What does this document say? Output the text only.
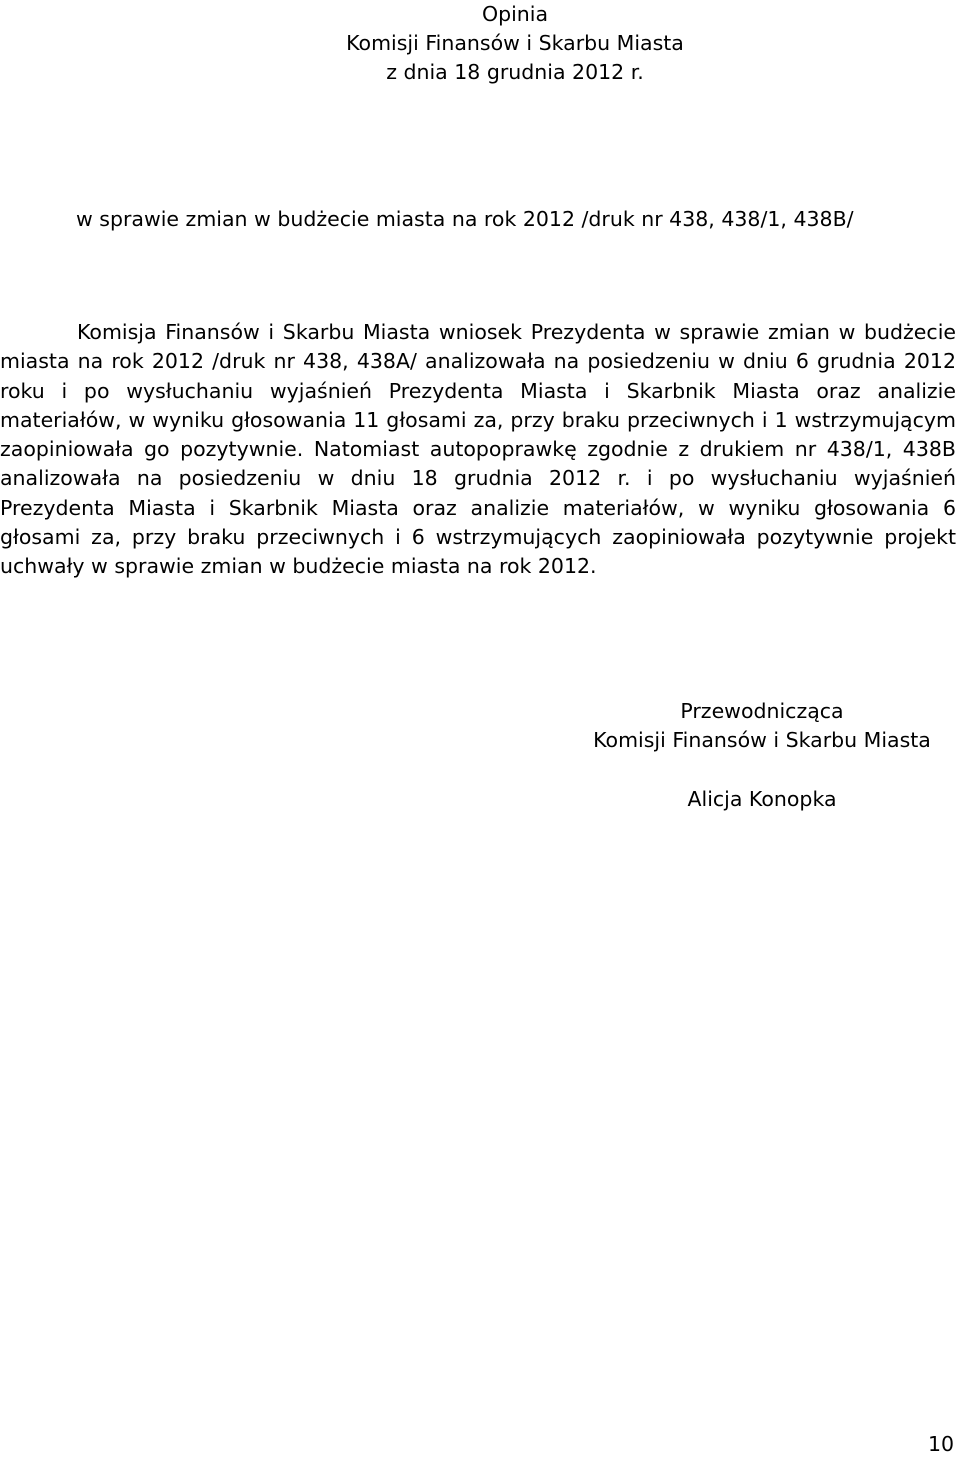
Opinia
Komisji Finansów i Skarbu Miasta
z dnia 18 grudnia 2012 r.
w sprawie zmian w budżecie miasta na rok 2012 /druk nr 438, 438/1, 438B/

Komisja Finansów i Skarbu Miasta wniosek Prezydenta w sprawie zmian w budżecie miasta na rok 2012 /druk nr 438, 438A/ analizowała na posiedzeniu w dniu 6 grudnia 2012 roku i po wysłuchaniu wyjaśnień Prezydenta Miasta i Skarbnik Miasta oraz analizie materiałów, w wyniku głosowania 11 głosami za, przy braku przeciwnych i 1 wstrzymującym zaopiniowała go pozytywnie. Natomiast autopoprawkę zgodnie z drukiem nr 438/1, 438B analizowała na posiedzeniu w dniu 18 grudnia 2012 r. i po wysłuchaniu wyjaśnień Prezydenta Miasta i Skarbnik Miasta oraz analizie materiałów, w wyniku głosowania 6 głosami za, przy braku przeciwnych i 6 wstrzymujących zaopiniowała pozytywnie projekt uchwały w sprawie zmian w budżecie miasta na rok 2012.

Przewodnicząca
Komisji Finansów i Skarbu Miasta
Alicja Konopka
10
